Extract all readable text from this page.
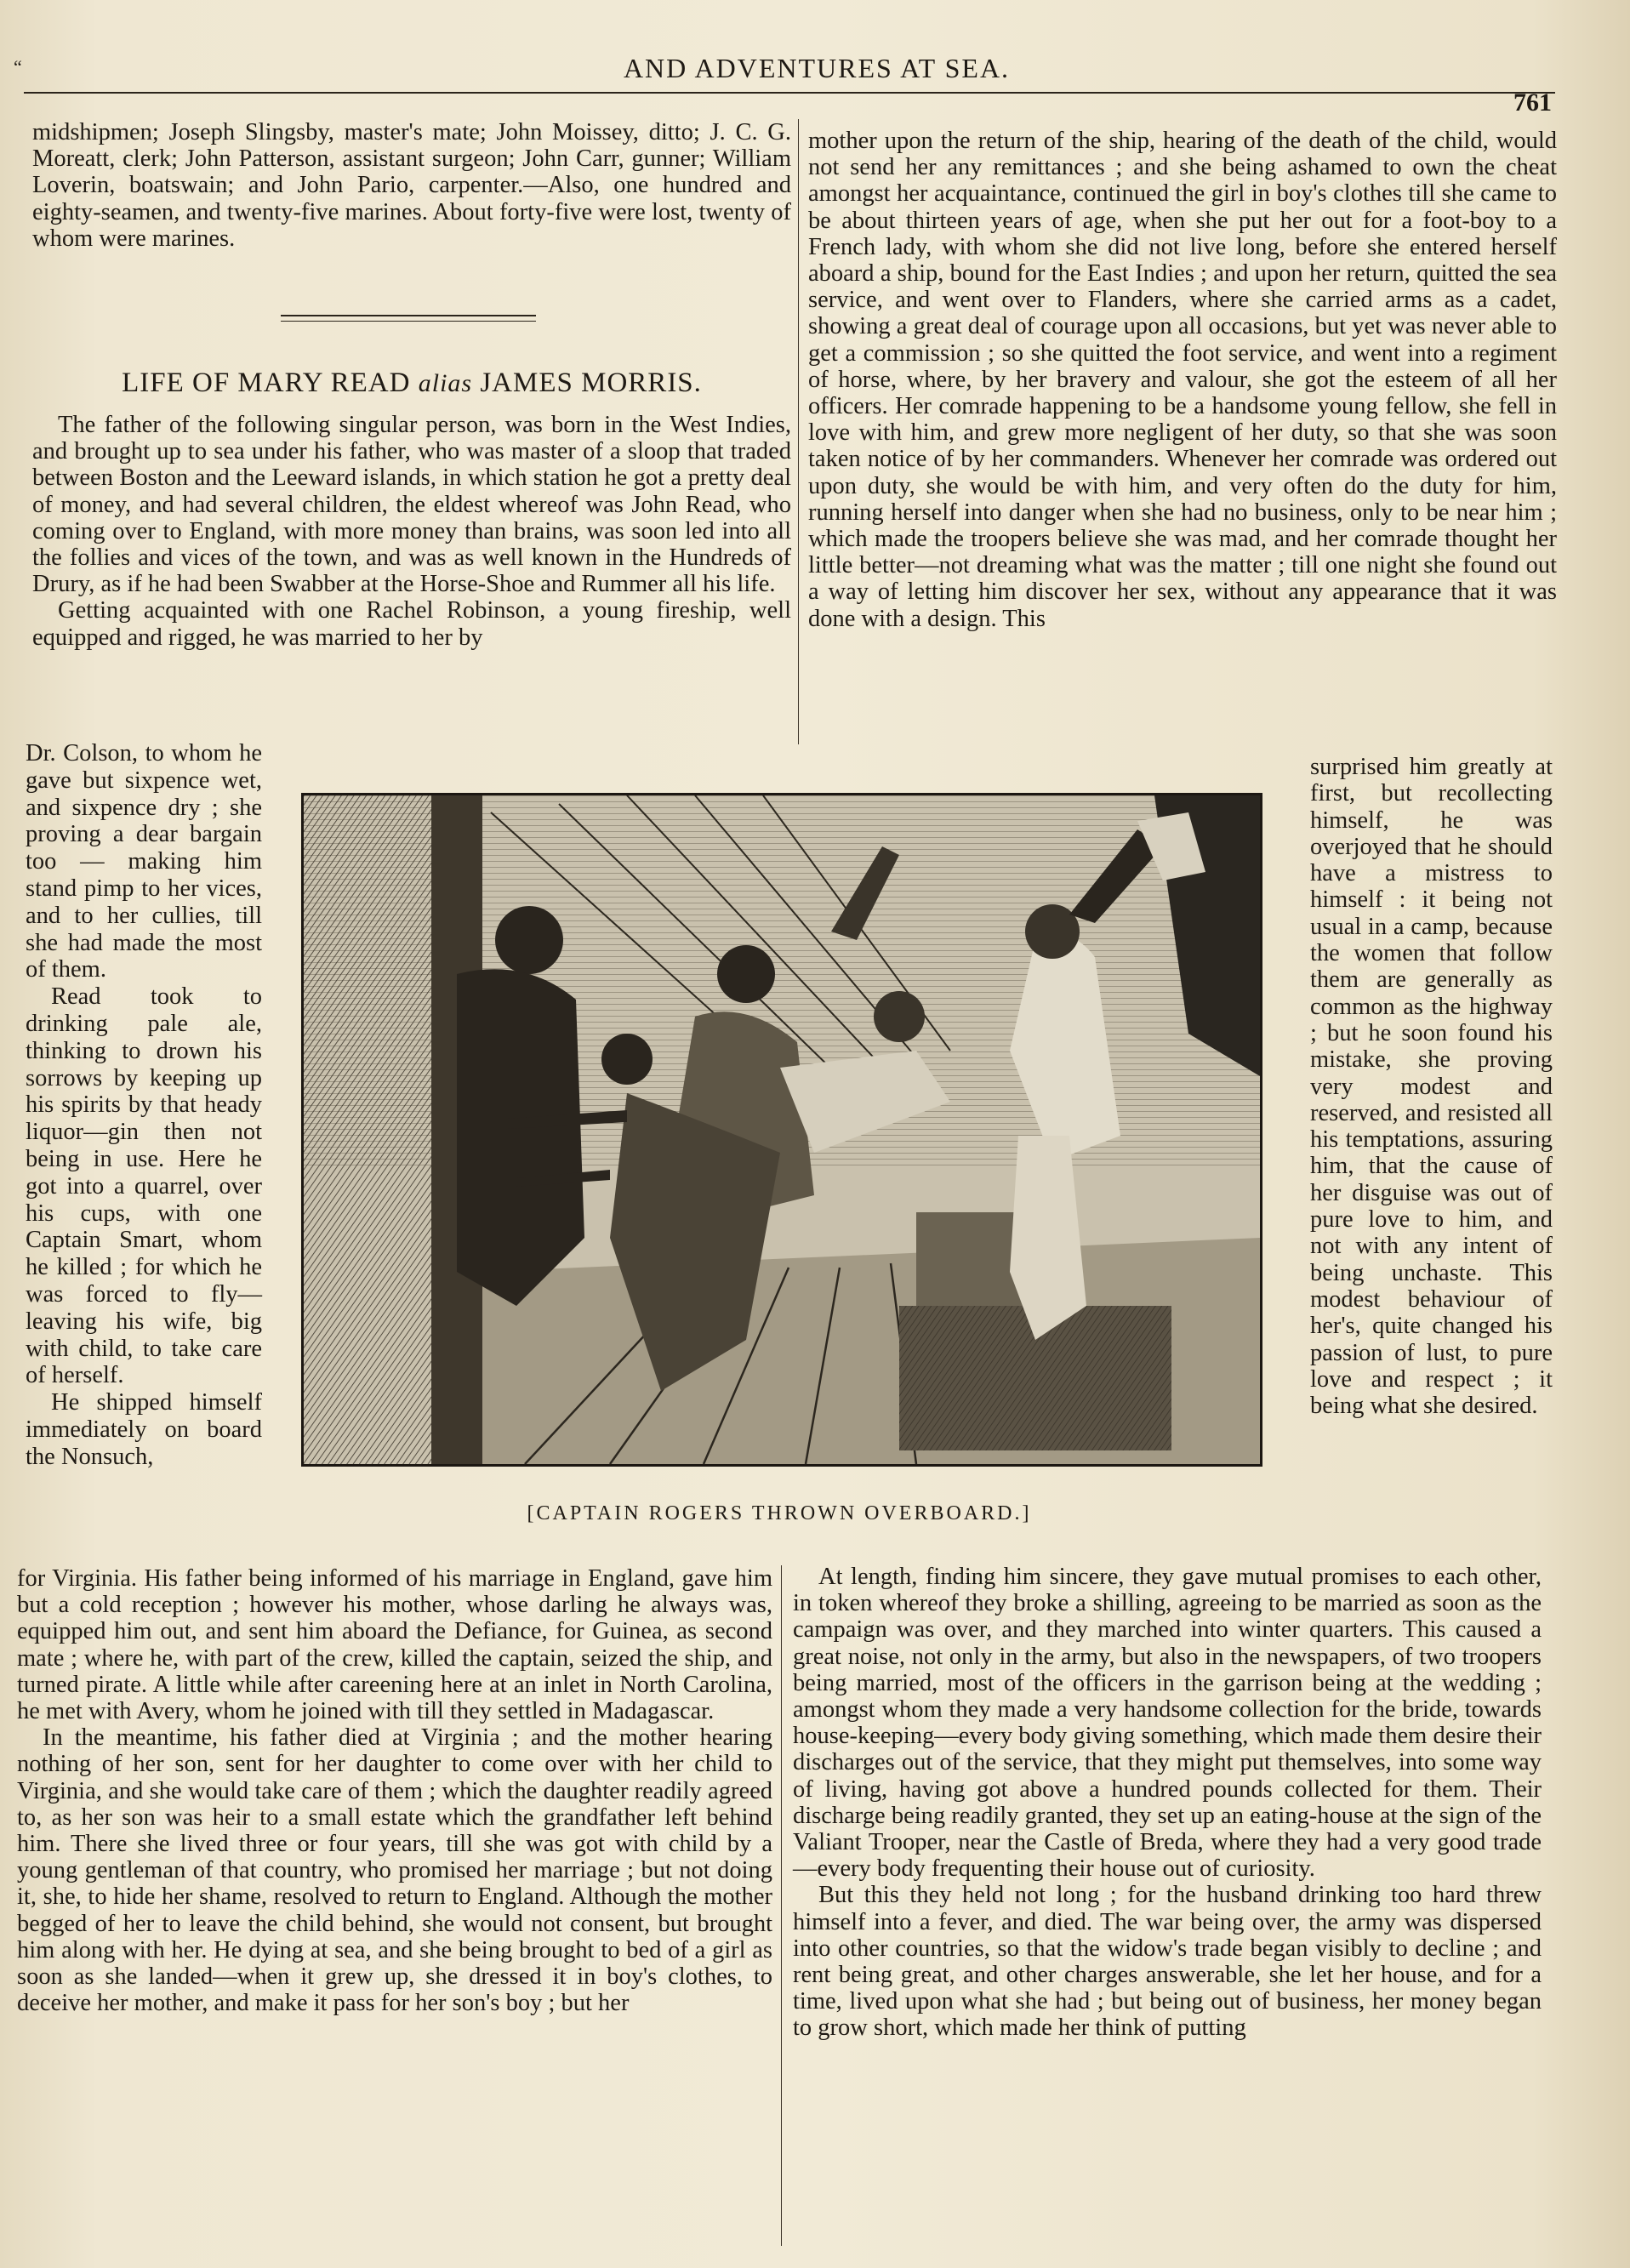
“	AND ADVENTURES AT SEA.
761

midshipmen; Joseph Slingsby, master's mate; John Moissey, ditto; J. C. G. Moreatt, clerk; John Patterson, assistant surgeon; John Carr, gunner; William Loverin, boatswain; and John Pario, carpenter.—Also, one hundred and eighty-seamen, and twenty-five marines. About forty-five were lost, twenty of whom were marines.

LIFE OF MARY READ alias JAMES MORRIS.

The father of the following singular person, was born in the West Indies, and brought up to sea under his father, who was master of a sloop that traded between Boston and the Leeward islands, in which station he got a pretty deal of money, and had several children, the eldest whereof was John Read, who coming over to England, with more money than brains, was soon led into all the follies and vices of the town, and was as well known in the Hundreds of Drury, as if he had been Swabber at the Horse-Shoe and Rummer all his life.

Getting acquainted with one Rachel Robinson, a young fireship, well equipped and rigged, he was married to her by

mother upon the return of the ship, hearing of the death of the child, would not send her any remittances ; and she being ashamed to own the cheat amongst her acquaintance, continued the girl in boy's clothes till she came to be about thirteen years of age, when she put her out for a foot-boy to a French lady, with whom she did not live long, before she entered herself aboard a ship, bound for the East Indies ; and upon her return, quitted the sea service, and went over to Flanders, where she carried arms as a cadet, showing a great deal of courage upon all occasions, but yet was never able to get a commission ; so she quitted the foot service, and went into a regiment of horse, where, by her bravery and valour, she got the esteem of all her officers. Her comrade happening to be a handsome young fellow, she fell in love with him, and grew more negligent of her duty, so that she was soon taken notice of by her commanders. Whenever her comrade was ordered out upon duty, she would be with him, and very often do the duty for him, running herself into danger when she had no business, only to be near him ; which made the troopers believe she was mad, and her comrade thought her little better—not dreaming what was the matter ; till one night she found out a way of letting him discover her sex, without any appearance that it was done with a design. This

Dr. Colson, to whom he gave but sixpence wet, and sixpence dry ; she proving a dear bargain too — making him stand pimp to her vices, and to her cullies, till she had made the most of them.

Read took to drinking pale ale, thinking to drown his sorrows by keeping up his spirits by that heady liquor—gin then not being in use. Here he got into a quarrel, over his cups, with one Captain Smart, whom he killed ; for which he was forced to fly—leaving his wife, big with child, to take care of herself.

He shipped himself immediately on board the Nonsuch,

[CAPTAIN ROGERS THROWN OVERBOARD.]

surprised him greatly at first, but recollecting himself, he was overjoyed that he should have a mistress to himself : it being not usual in a camp, because the women that follow them are generally as common as the highway ; but he soon found his mistake, she proving very modest and reserved, and resisted all his temptations, assuring him, that the cause of her disguise was out of pure love to him, and not with any intent of being unchaste. This modest behaviour of her's, quite changed his passion of lust, to pure love and respect ; it being what she desired.

for Virginia. His father being informed of his marriage in England, gave him but a cold reception ; however his mother, whose darling he always was, equipped him out, and sent him aboard the Defiance, for Guinea, as second mate ; where he, with part of the crew, killed the captain, seized the ship, and turned pirate. A little while after careening here at an inlet in North Carolina, he met with Avery, whom he joined with till they settled in Madagascar.

In the meantime, his father died at Virginia ; and the mother hearing nothing of her son, sent for her daughter to come over with her child to Virginia, and she would take care of them ; which the daughter readily agreed to, as her son was heir to a small estate which the grandfather left behind him. There she lived three or four years, till she was got with child by a young gentleman of that country, who promised her marriage ; but not doing it, she, to hide her shame, resolved to return to England. Although the mother begged of her to leave the child behind, she would not consent, but brought him along with her. He dying at sea, and she being brought to bed of a girl as soon as she landed—when it grew up, she dressed it in boy's clothes, to deceive her mother, and make it pass for her son's boy ; but her

At length, finding him sincere, they gave mutual promises to each other, in token whereof they broke a shilling, agreeing to be married as soon as the campaign was over, and they marched into winter quarters. This caused a great noise, not only in the army, but also in the newspapers, of two troopers being married, most of the officers in the garrison being at the wedding ; amongst whom they made a very handsome collection for the bride, towards house-keeping—every body giving something, which made them desire their discharges out of the service, that they might put themselves, into some way of living, having got above a hundred pounds collected for them. Their discharge being readily granted, they set up an eating-house at the sign of the Valiant Trooper, near the Castle of Breda, where they had a very good trade—every body frequenting their house out of curiosity.

But this they held not long ; for the husband drinking too hard threw himself into a fever, and died. The war being over, the army was dispersed into other countries, so that the widow's trade began visibly to decline ; and rent being great, and other charges answerable, she let her house, and for a time, lived upon what she had ; but being out of business, her money began to grow short, which made her think of putting
